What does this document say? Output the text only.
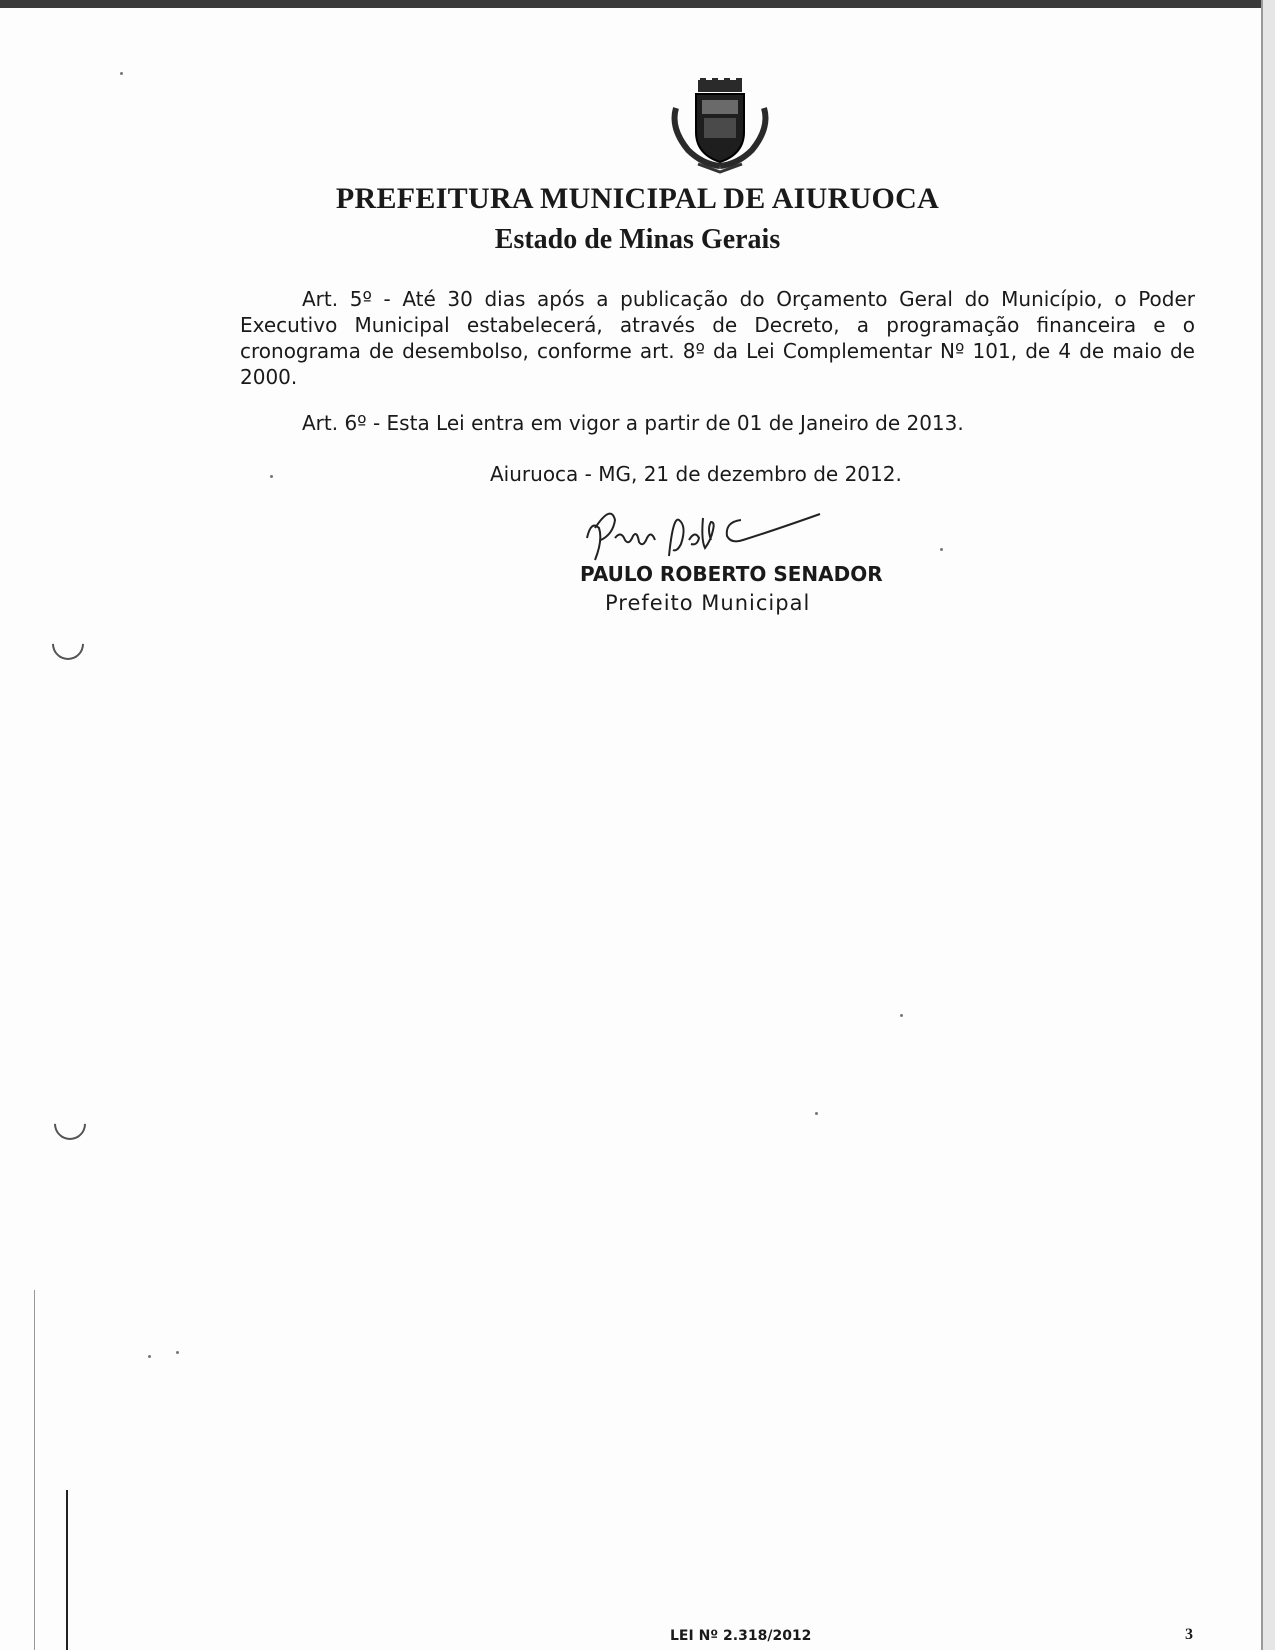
PREFEITURA MUNICIPAL DE AIURUOCA
Estado de Minas Gerais
Art. 5º - Até 30 dias após a publicação do Orçamento Geral do Município, o Poder Executivo Municipal estabelecerá, através de Decreto, a programação financeira e o cronograma de desembolso, conforme art. 8º da Lei Complementar Nº 101, de 4 de maio de 2000.
Art. 6º - Esta Lei entra em vigor a partir de 01 de Janeiro de 2013.
Aiuruoca - MG, 21 de dezembro de 2012.
PAULO ROBERTO SENADOR
Prefeito Municipal
LEI Nº 2.318/2012	3
